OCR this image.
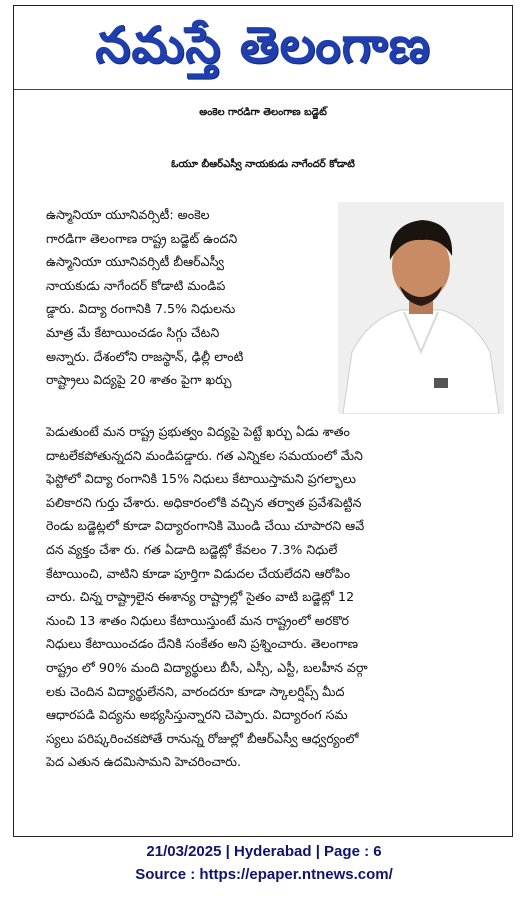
నమస్తే తెలంగాణ
అంకెల గారడిగా తెలంగాణ బడ్జెట్
ఓయూ బీఆర్ఎస్వీ నాయకుడు నాగేందర్ కోడాటి
ఉస్మానియా యూనివర్సిటీ: అంకెల
గారడిగా తెలంగాణ రాష్ట్ర బడ్జెట్ ఉందని
ఉస్మానియా యూనివర్సిటీ బీఆర్ఎస్వీ
నాయకుడు నాగేందర్ కోడాటి మండిప
డ్డారు. విద్యా రంగానికి 7.5% నిధులను
మాత్ర మే కేటాయించడం సిగ్గు చేటని
అన్నారు. దేశంలోని రాజస్థాన్, ఢిల్లీ లాంటి
రాష్ట్రాలు విద్యపై 20 శాతం పైగా ఖర్చు
పెడుతుంటే మన రాష్ట్ర ప్రభుత్వం విద్యపై పెట్టే ఖర్చు ఏడు శాతం
దాటలేకపోతున్నదని మండిపడ్డారు. గత ఎన్నికల సమయంలో మేని
ఫెస్టోలో విద్యా రంగానికి 15% నిధులు కేటాయిస్తామని ప్రగల్భాలు
పలికారని గుర్తు చేశారు. అధికారంలోకి వచ్చిన తర్వాత ప్రవేశపెట్టిన
రెండు బడ్జెట్లలో కూడా విద్యారంగానికి మొండి చేయి చూపారని ఆవే
దన వ్యక్తం చేశా రు. గత ఏడాది బడ్జెట్లో కేవలం 7.3% నిధులే
కేటాయించి, వాటిని కూడా పూర్తిగా విడుదల చేయలేదని ఆరోపిం
చారు. చిన్న రాష్ట్రాలైన ఈశాన్య రాష్ట్రాల్లో సైతం వాటి బడ్జెట్లో 12
నుంచి 13 శాతం నిధులు కేటాయిస్తుంటే మన రాష్ట్రంలో అరకొర
నిధులు కేటాయించడం దేనికి సంకేతం అని ప్రశ్నించారు. తెలంగాణ
రాష్ట్రం లో 90% మంది విద్యార్థులు బీసీ, ఎస్సీ, ఎస్టీ, బలహీన వర్గా
లకు చెందిన విద్యార్థులేనని, వారందరూ కూడా స్కాలర్షిప్స్ మీద
ఆధారపడి విద్యను అభ్యసిస్తున్నారని చెప్పారు. విద్యారంగ సమ
స్యలు పరిష్కరించకపోతే రానున్న రోజుల్లో బీఆర్ఎస్వీ ఆధ్వర్యంలో
పెద ఎతున ఉదమిసామని హెచరించారు.
21/03/2025 | Hyderabad | Page : 6
Source : https://epaper.ntnews.com/
